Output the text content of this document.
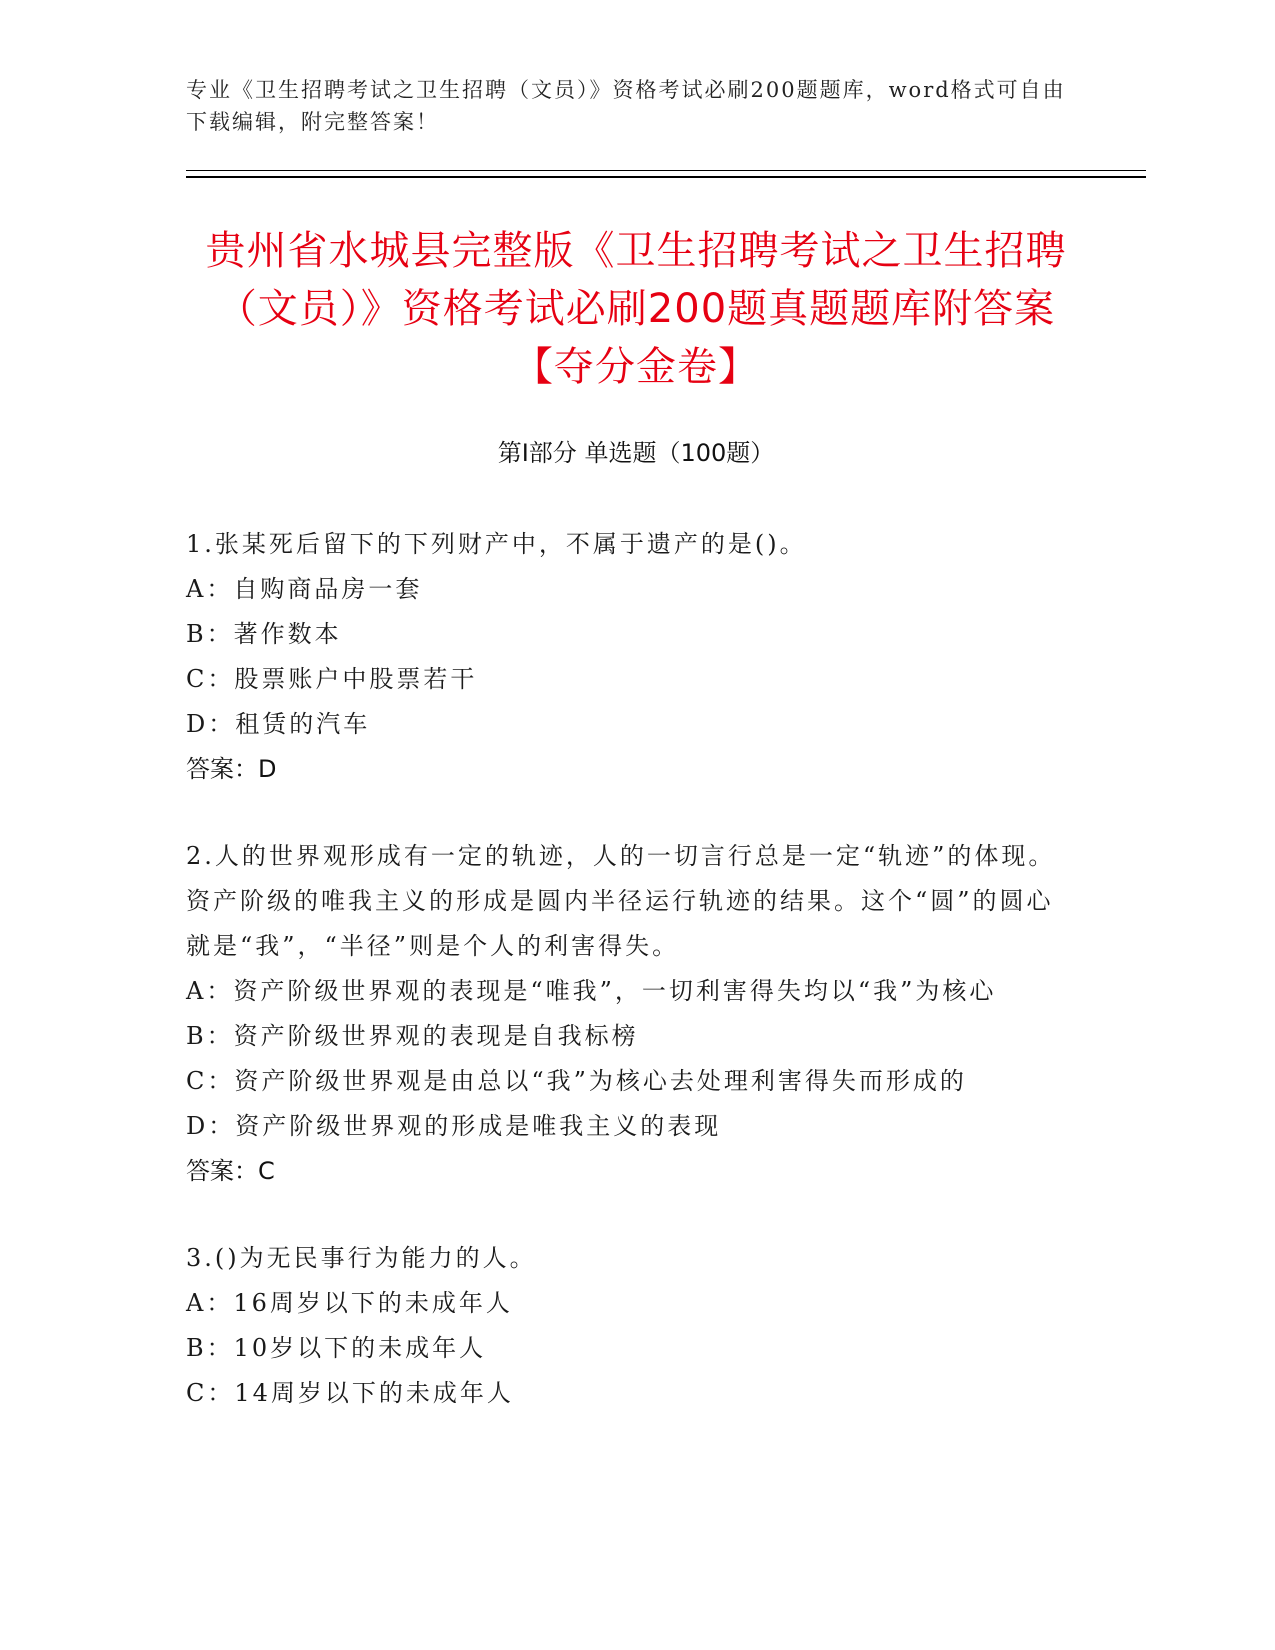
专业《卫生招聘考试之卫生招聘（文员）》资格考试必刷200题题库，word格式可自由下载编辑，附完整答案！
贵州省水城县完整版《卫生招聘考试之卫生招聘（文员）》资格考试必刷200题真题题库附答案【夺分金卷】
第Ⅰ部分 单选题（100题）

1.张某死后留下的下列财产中，不属于遗产的是()。

A：自购商品房一套

B：著作数本

C：股票账户中股票若干

D：租赁的汽车

答案：D

2.人的世界观形成有一定的轨迹，人的一切言行总是一定“轨迹”的体现。资产阶级的唯我主义的形成是圆内半径运行轨迹的结果。这个“圆”的圆心就是“我”，“半径”则是个人的利害得失。

A：资产阶级世界观的表现是“唯我”，一切利害得失均以“我”为核心

B：资产阶级世界观的表现是自我标榜

C：资产阶级世界观是由总以“我”为核心去处理利害得失而形成的

D：资产阶级世界观的形成是唯我主义的表现

答案：C

3.()为无民事行为能力的人。

A：16周岁以下的未成年人

B：10岁以下的未成年人

C：14周岁以下的未成年人
